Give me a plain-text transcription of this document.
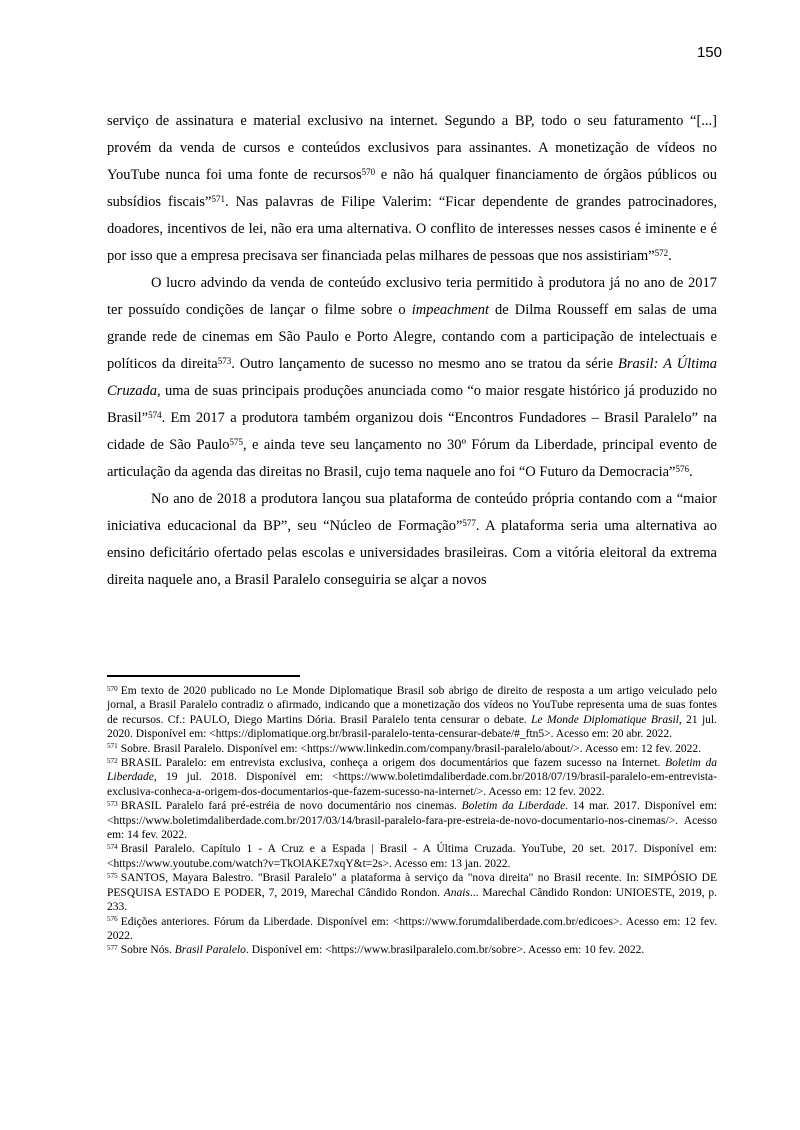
150

serviço de assinatura e material exclusivo na internet. Segundo a BP, todo o seu faturamento “[...] provém da venda de cursos e conteúdos exclusivos para assinantes. A monetização de vídeos no YouTube nunca foi uma fonte de recursos$^{570}$ e não há qualquer financiamento de órgãos públicos ou subsídios fiscais”$^{571}$. Nas palavras de Filipe Valerim: “Ficar dependente de grandes patrocinadores, doadores, incentivos de lei, não era uma alternativa. O conflito de interesses nesses casos é iminente e é por isso que a empresa precisava ser financiada pelas milhares de pessoas que nos assistiriam”$^{572}$.

O lucro advindo da venda de conteúdo exclusivo teria permitido à produtora já no ano de 2017 ter possuído condições de lançar o filme sobre o impeachment de Dilma Rousseff em salas de uma grande rede de cinemas em São Paulo e Porto Alegre, contando com a participação de intelectuais e políticos da direita$^{573}$. Outro lançamento de sucesso no mesmo ano se tratou da série Brasil: A Última Cruzada, uma de suas principais produções anunciada como “o maior resgate histórico já produzido no Brasil”$^{574}$. Em 2017 a produtora também organizou dois “Encontros Fundadores – Brasil Paralelo” na cidade de São Paulo$^{575}$, e ainda teve seu lançamento no 30º Fórum da Liberdade, principal evento de articulação da agenda das direitas no Brasil, cujo tema naquele ano foi “O Futuro da Democracia”$^{576}$.

No ano de 2018 a produtora lançou sua plataforma de conteúdo própria contando com a “maior iniciativa educacional da BP”, seu “Núcleo de Formação”$^{577}$. A plataforma seria uma alternativa ao ensino deficitário ofertado pelas escolas e universidades brasileiras. Com a vitória eleitoral da extrema direita naquele ano, a Brasil Paralelo conseguiria se alçar a novos

$^{570}$ Em texto de 2020 publicado no Le Monde Diplomatique Brasil sob abrigo de direito de resposta a um artigo veiculado pelo jornal, a Brasil Paralelo contradiz o afirmado, indicando que a monetização dos vídeos no YouTube representa uma de suas fontes de recursos. Cf.: PAULO, Diego Martins Dória. Brasil Paralelo tenta censurar o debate. Le Monde Diplomatique Brasil, 21 jul. 2020. Disponível em: <https://diplomatique.org.br/brasil-paralelo-tenta-censurar-debate/#_ftn5>. Acesso em: 20 abr. 2022.
$^{571}$ Sobre. Brasil Paralelo. Disponível em: <https://www.linkedin.com/company/brasil-paralelo/about/>. Acesso em: 12 fev. 2022.
$^{572}$ BRASIL Paralelo: em entrevista exclusiva, conheça a origem dos documentários que fazem sucesso na Internet. Boletim da Liberdade, 19 jul. 2018. Disponível em: <https://www.boletimdaliberdade.com.br/2018/07/19/brasil-paralelo-em-entrevista-exclusiva-conheca-a-origem-dos-documentarios-que-fazem-sucesso-na-internet/>. Acesso em: 12 fev. 2022.
$^{573}$ BRASIL Paralelo fará pré-estréia de novo documentário nos cinemas. Boletim da Liberdade. 14 mar. 2017. Disponível em: <https://www.boletimdaliberdade.com.br/2017/03/14/brasil-paralelo-fara-pre-estreia-de-novo-documentario-nos-cinemas/>. Acesso em: 14 fev. 2022.
$^{574}$ Brasil Paralelo. Capítulo 1 - A Cruz e a Espada | Brasil - A Última Cruzada. YouTube, 20 set. 2017. Disponível em: <https://www.youtube.com/watch?v=TkOlAKE7xqY&t=2s>. Acesso em: 13 jan. 2022.
$^{575}$ SANTOS, Mayara Balestro. "Brasil Paralelo" a plataforma à serviço da "nova direita" no Brasil recente. In: SIMPÓSIO DE PESQUISA ESTADO E PODER, 7, 2019, Marechal Cândido Rondon. Anais... Marechal Cândido Rondon: UNIOESTE, 2019, p. 233.
$^{576}$ Edições anteriores. Fórum da Liberdade. Disponível em: <https://www.forumdaliberdade.com.br/edicoes>. Acesso em: 12 fev. 2022.
$^{577}$ Sobre Nós. Brasil Paralelo. Disponível em: <https://www.brasilparalelo.com.br/sobre>. Acesso em: 10 fev. 2022.
